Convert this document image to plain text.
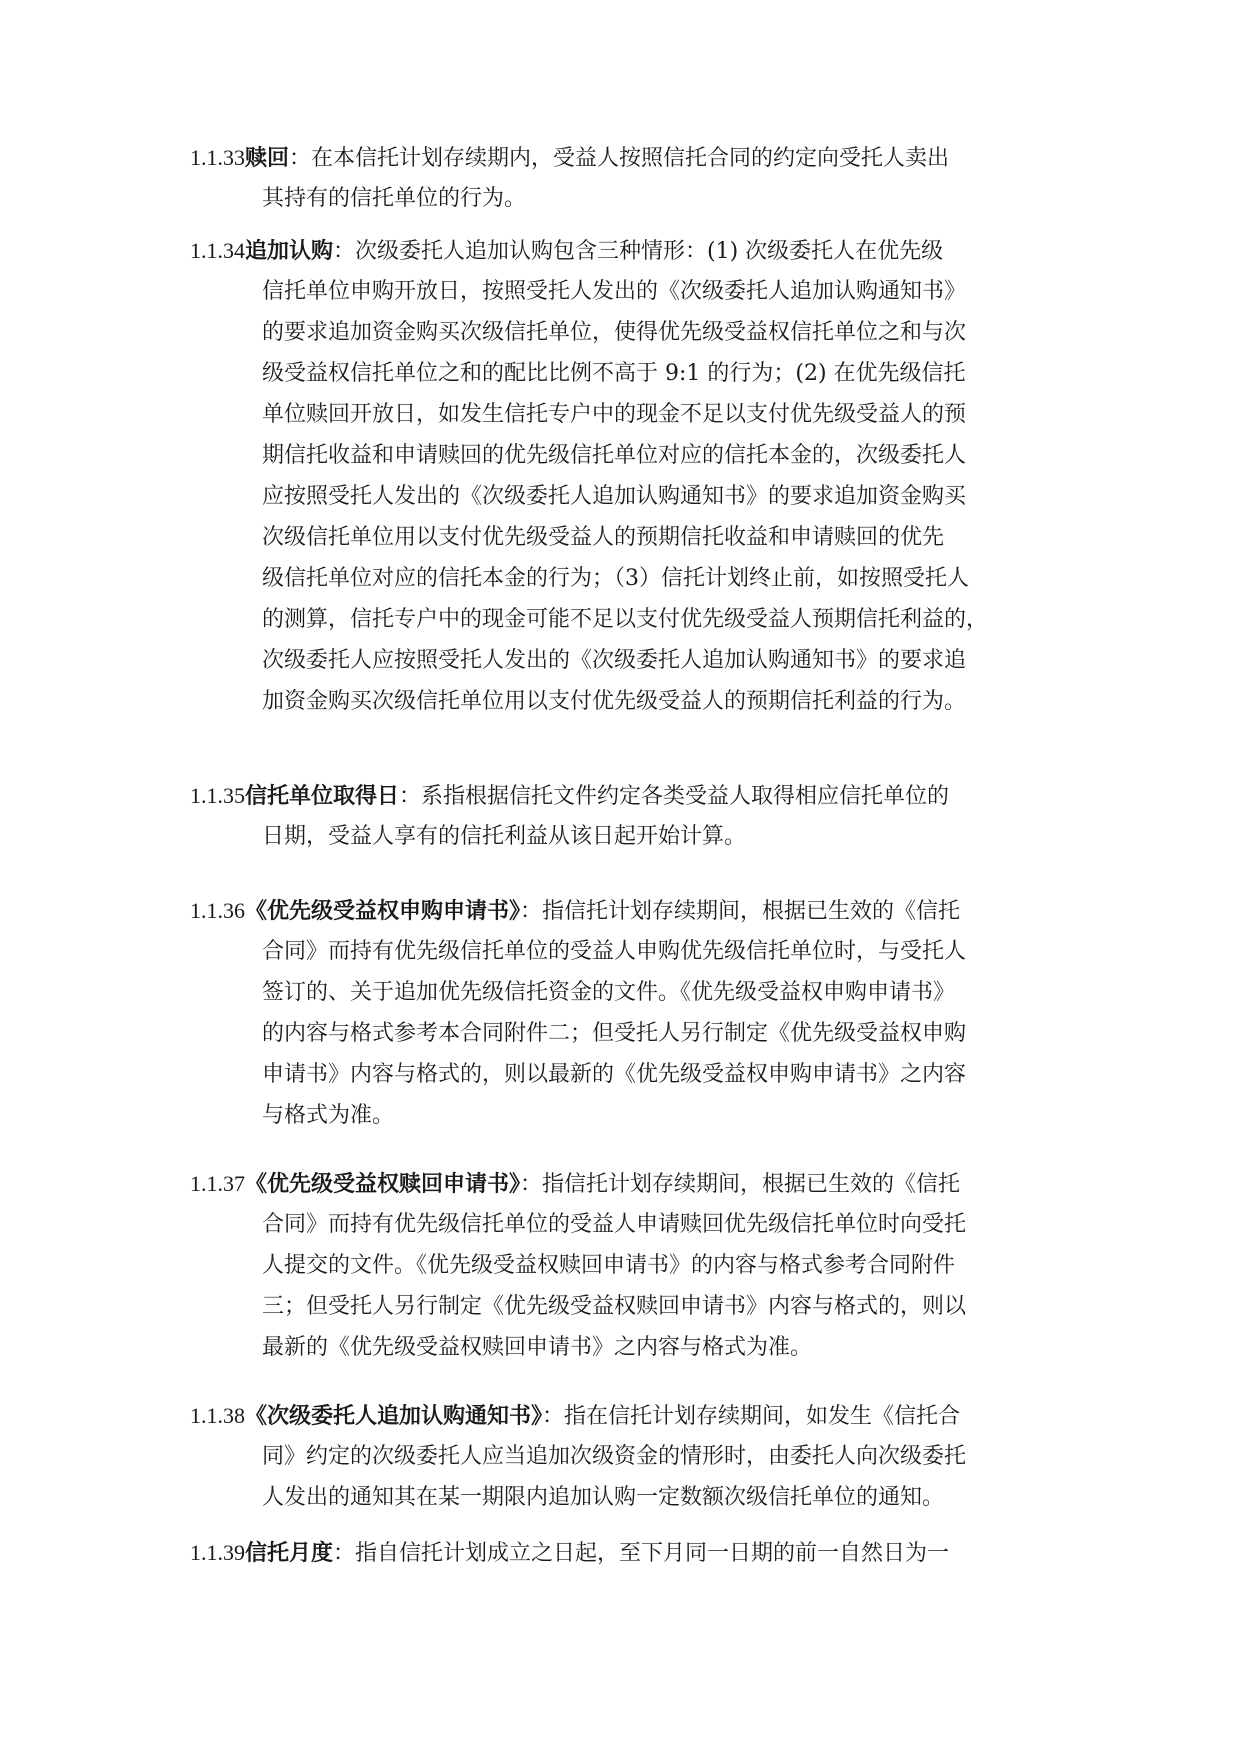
1.1.33赎回：在本信托计划存续期内，受益人按照信托合同的约定向受托人卖出
其持有的信托单位的行为。
1.1.34追加认购：次级委托人追加认购包含三种情形：(1) 次级委托人在优先级
信托单位申购开放日，按照受托人发出的《次级委托人追加认购通知书》
的要求追加资金购买次级信托单位，使得优先级受益权信托单位之和与次
级受益权信托单位之和的配比比例不高于 9:1 的行为；(2) 在优先级信托
单位赎回开放日，如发生信托专户中的现金不足以支付优先级受益人的预
期信托收益和申请赎回的优先级信托单位对应的信托本金的，次级委托人
应按照受托人发出的《次级委托人追加认购通知书》的要求追加资金购买
次级信托单位用以支付优先级受益人的预期信托收益和申请赎回的优先
级信托单位对应的信托本金的行为；（3）信托计划终止前，如按照受托人
的测算，信托专户中的现金可能不足以支付优先级受益人预期信托利益的，
次级委托人应按照受托人发出的《次级委托人追加认购通知书》的要求追
加资金购买次级信托单位用以支付优先级受益人的预期信托利益的行为。
1.1.35信托单位取得日：系指根据信托文件约定各类受益人取得相应信托单位的
日期，受益人享有的信托利益从该日起开始计算。
1.1.36《优先级受益权申购申请书》：指信托计划存续期间，根据已生效的《信托
合同》而持有优先级信托单位的受益人申购优先级信托单位时，与受托人
签订的、关于追加优先级信托资金的文件。《优先级受益权申购申请书》
的内容与格式参考本合同附件二；但受托人另行制定《优先级受益权申购
申请书》内容与格式的，则以最新的《优先级受益权申购申请书》之内容
与格式为准。
1.1.37《优先级受益权赎回申请书》：指信托计划存续期间，根据已生效的《信托
合同》而持有优先级信托单位的受益人申请赎回优先级信托单位时向受托
人提交的文件。《优先级受益权赎回申请书》的内容与格式参考合同附件
三；但受托人另行制定《优先级受益权赎回申请书》内容与格式的，则以
最新的《优先级受益权赎回申请书》之内容与格式为准。
1.1.38《次级委托人追加认购通知书》：指在信托计划存续期间，如发生《信托合
同》约定的次级委托人应当追加次级资金的情形时，由委托人向次级委托
人发出的通知其在某一期限内追加认购一定数额次级信托单位的通知。
1.1.39信托月度：指自信托计划成立之日起，至下月同一日期的前一自然日为一
